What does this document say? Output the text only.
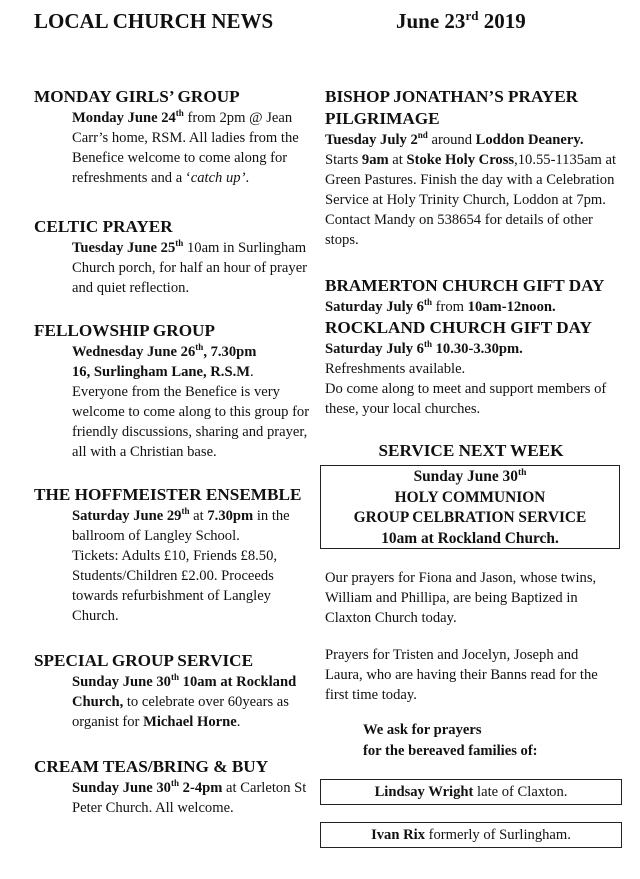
LOCAL CHURCH NEWS	June 23rd 2019

MONDAY GIRLS’ GROUP

Monday June 24th from 2pm @ Jean Carr’s home, RSM. All ladies from the Benefice welcome to come along for refreshments and a ‘catch up’.

CELTIC PRAYER

Tuesday June 25th 10am in Surlingham Church porch, for half an hour of prayer and quiet reflection.

FELLOWSHIP GROUP

Wednesday June 26th, 7.30pm
16, Surlingham Lane, R.S.M.
Everyone from the Benefice is very welcome to come along to this group for friendly discussions, sharing and prayer, all with a Christian base.

THE HOFFMEISTER ENSEMBLE

Saturday June 29th at 7.30pm in the ballroom of Langley School.
Tickets: Adults £10, Friends £8.50, Students/Children £2.00. Proceeds towards refurbishment of Langley Church.

SPECIAL GROUP SERVICE

Sunday June 30th 10am at Rockland Church, to celebrate over 60years as organist for Michael Horne.

CREAM TEAS/BRING & BUY

Sunday June 30th 2-4pm at Carleton St Peter Church. All welcome.

BISHOP JONATHAN’S PRAYER PILGRIMAGE

Tuesday July 2nd around Loddon Deanery.
Starts 9am at Stoke Holy Cross,10.55-1135am at Green Pastures. Finish the day with a Celebration Service at Holy Trinity Church, Loddon at 7pm. Contact Mandy on 538654 for details of other stops.

BRAMERTON CHURCH GIFT DAY

Saturday July 6th from 10am-12noon.

ROCKLAND CHURCH GIFT DAY

Saturday July 6th 10.30-3.30pm.

Refreshments available.

Do come along to meet and support members of these, your local churches.

SERVICE NEXT WEEK
Sunday June 30th
HOLY COMMUNION
GROUP CELBRATION SERVICE
10am at Rockland Church.

Our prayers for Fiona and Jason, whose twins, William and Phillipa, are being Baptized in Claxton Church today.

Prayers for Tristen and Jocelyn, Joseph and Laura, who are having their Banns read for the first time today.

We ask for prayers
for the bereaved families of:
Lindsay Wright late of Claxton.
Ivan Rix formerly of Surlingham.
